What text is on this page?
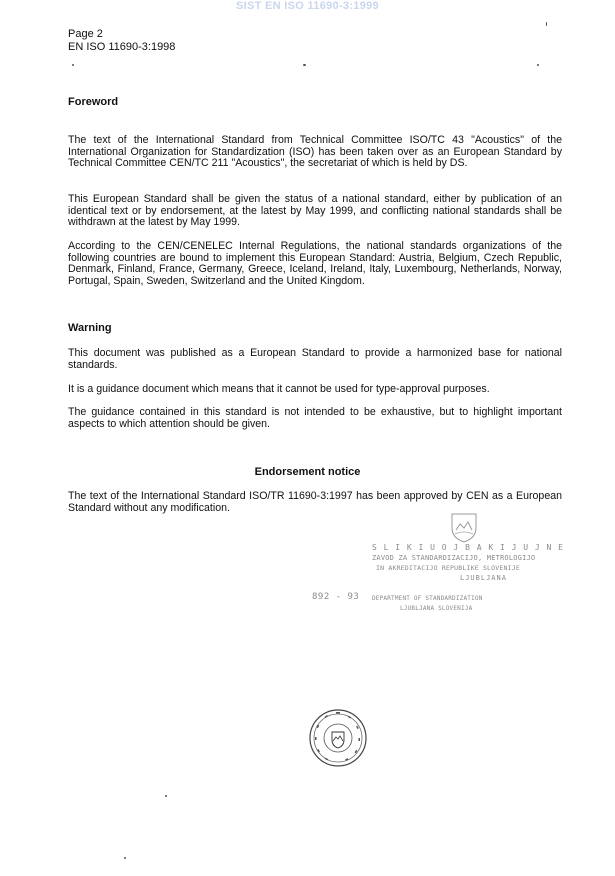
SIST EN ISO 11690-3:1999
Page 2
EN ISO 11690-3:1998
Foreword
The text of the International Standard from Technical Committee ISO/TC 43 "Acoustics" of the International Organization for Standardization (ISO) has been taken over as an European Standard by Technical Committee CEN/TC 211 "Acoustics", the secretariat of which is held by DS.
This European Standard shall be given the status of a national standard, either by publication of an identical text or by endorsement, at the latest by May 1999, and conflicting national standards shall be withdrawn at the latest by May 1999.
According to the CEN/CENELEC Internal Regulations, the national standards organizations of the following countries are bound to implement this European Standard: Austria, Belgium, Czech Republic, Denmark, Finland, France, Germany, Greece, Iceland, Ireland, Italy, Luxembourg, Netherlands, Norway, Portugal, Spain, Sweden, Switzerland and the United Kingdom.
Warning
This document was published as a European Standard to provide a harmonized base for national standards.
It is a guidance document which means that it cannot be used for type-approval purposes.
The guidance contained in this standard is not intended to be exhaustive, but to highlight important aspects to which attention should be given.
Endorsement notice
The text of the International Standard ISO/TR 11690-3:1997 has been approved by CEN as a European Standard without any modification.
S L I K I U O J B A K I J U J N E
ZAVOD ZA STANDARDIZACIJO, METROLOGIJO
IN AKREDITACIJO REPUBLIKE SLOVENIJE
LJUBLJANA
892 - 93 DEPARTMENT OF STANDARDIZATION
LJUBLJANA SLOVENIJA
